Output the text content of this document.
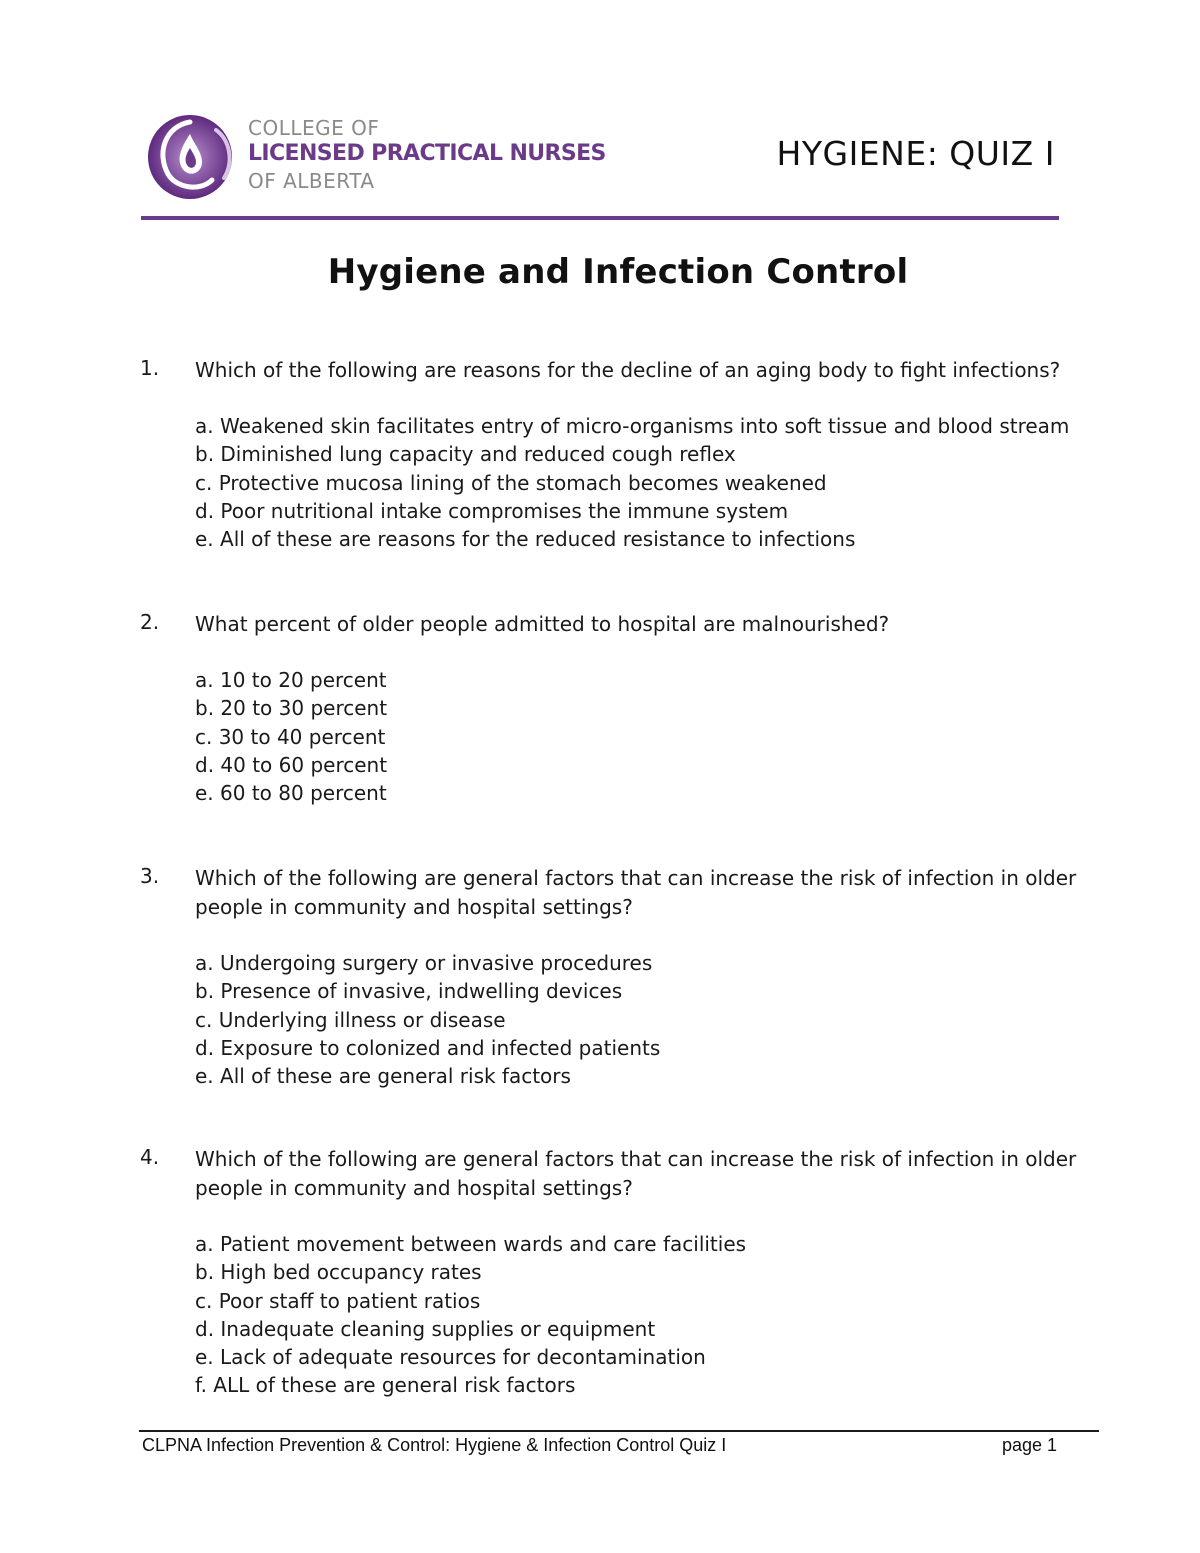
COLLEGE OF
LICENSED PRACTICAL NURSES
OF ALBERTA
HYGIENE: QUIZ I
Hygiene and Infection Control
1.	Which of the following are reasons for the decline of an aging body to fight infections?
a. Weakened skin facilitates entry of micro-organisms into soft tissue and blood stream
b. Diminished lung capacity and reduced cough reflex
c. Protective mucosa lining of the stomach becomes weakened
d. Poor nutritional intake compromises the immune system
e. All of these are reasons for the reduced resistance to infections
2.	What percent of older people admitted to hospital are malnourished?
a. 10 to 20 percent
b. 20 to 30 percent
c. 30 to 40 percent
d. 40 to 60 percent
e. 60 to 80 percent
3.	Which of the following are general factors that can increase the risk of infection in older people in community and hospital settings?
a. Undergoing surgery or invasive procedures
b. Presence of invasive, indwelling devices
c. Underlying illness or disease
d. Exposure to colonized and infected patients
e. All of these are general risk factors
4.	Which of the following are general factors that can increase the risk of infection in older people in community and hospital settings?
a. Patient movement between wards and care facilities
b. High bed occupancy rates
c. Poor staff to patient ratios
d. Inadequate cleaning supplies or equipment
e. Lack of adequate resources for decontamination
f. ALL of these are general risk factors
CLPNA Infection Prevention & Control: Hygiene & Infection Control Quiz I	page 1
